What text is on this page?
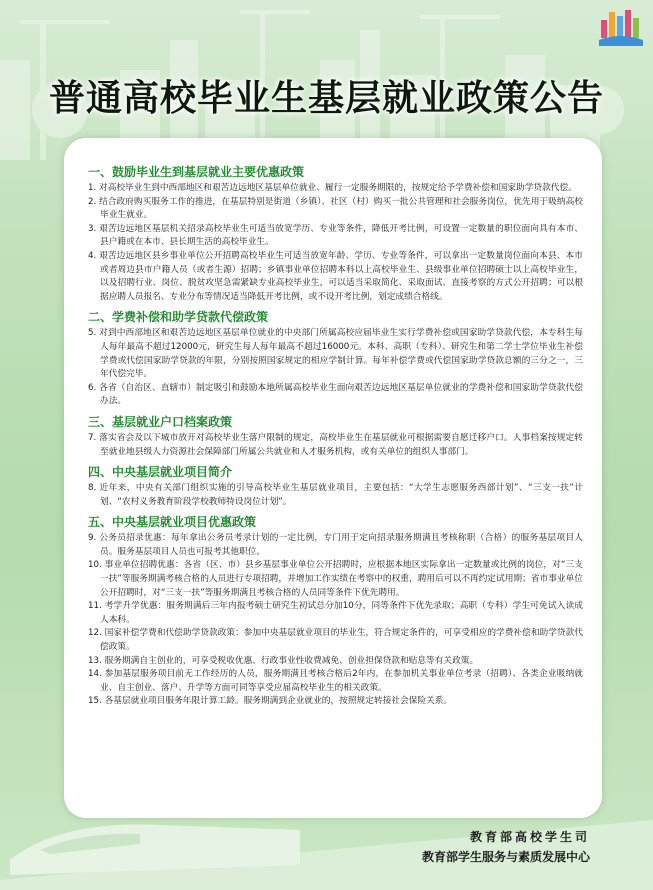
普通高校毕业生基层就业政策公告
一、鼓励毕业生到基层就业主要优惠政策

1. 对高校毕业生到中西部地区和艰苦边远地区基层单位就业、履行一定服务期限的，按规定给予学费补偿和国家助学贷款代偿。

2. 结合政府购买服务工作的推进，在基层特别是街道（乡镇）、社区（村）购买一批公共管理和社会服务岗位，优先用于吸纳高校毕业生就业。

3. 艰苦边远地区基层机关招录高校毕业生可适当放宽学历、专业等条件，降低开考比例，可设置一定数量的职位面向具有本市、县户籍或在本市、县长期生活的高校毕业生。

4. 艰苦边远地区县乡事业单位公开招聘高校毕业生可适当放宽年龄、学历、专业等条件，可以拿出一定数量岗位面向本县、本市或者周边县市户籍人员（或者生源）招聘；乡镇事业单位招聘本科以上高校毕业生、县级事业单位招聘硕士以上高校毕业生，以及招聘行业、岗位、脱贫攻坚急需紧缺专业高校毕业生，可以适当采取简化、采取面试、直接考察的方式公开招聘；可以根据应聘人员报名、专业分布等情况适当降低开考比例，或不设开考比例，划定成绩合格线。

二、学费补偿和助学贷款代偿政策

5. 对到中西部地区和艰苦边远地区基层单位就业的中央部门所属高校应届毕业生实行学费补偿或国家助学贷款代偿，本专科生每人每年最高不超过12000元，研究生每人每年最高不超过16000元。本科、高职（专科）、研究生和第二学士学位毕业生补偿学费或代偿国家助学贷款的年限，分别按照国家规定的相应学制计算。每年补偿学费或代偿国家助学贷款总额的三分之一，三年代偿完毕。

6. 各省（自治区、直辖市）制定吸引和鼓励本地所属高校毕业生面向艰苦边远地区基层单位就业的学费补偿和国家助学贷款代偿办法。

三、基层就业户口档案政策

7. 落实省会及以下城市放开对高校毕业生落户限制的规定，高校毕业生在基层就业可根据需要自愿迁移户口。人事档案按规定转至就业地县级人力资源社会保障部门所属公共就业和人才服务机构，或有关单位的组织人事部门。

四、中央基层就业项目简介

8. 近年来，中央有关部门组织实施的引导高校毕业生基层就业项目，主要包括：“大学生志愿服务西部计划”、“三支一扶”计划、“农村义务教育阶段学校教师特设岗位计划”。

五、中央基层就业项目优惠政策

9. 公务员招录优惠：每年拿出公务员考录计划的一定比例，专门用于定向招录服务期满且考核称职（合格）的服务基层项目人员。服务基层项目人员也可报考其他职位。

10. 事业单位招聘优惠：各省（区、市）县乡基层事业单位公开招聘时，应根据本地区实际拿出一定数量或比例的岗位，对“三支一扶”等服务期满考核合格的人员进行专项招聘，并增加工作实绩在考察中的权重，聘用后可以不再约定试用期；省市事业单位公开招聘时，对“三支一扶”等服务期满且考核合格的人员同等条件下优先聘用。

11. 考学升学优惠：服务期满后三年内报考硕士研究生初试总分加10分，同等条件下优先录取；高职（专科）学生可免试入读成人本科。

12. 国家补偿学费和代偿助学贷款政策：参加中央基层就业项目的毕业生，符合规定条件的，可享受相应的学费补偿和助学贷款代偿政策。

13. 服务期满自主创业的，可享受税收优惠、行政事业性收费减免、创业担保贷款和贴息等有关政策。

14. 参加基层服务项目前无工作经历的人员，服务期满且考核合格后2年内，在参加机关事业单位考录（招聘）、各类企业吸纳就业、自主创业、落户、升学等方面可同等享受应届高校毕业生的相关政策。

15. 各基层就业项目服务年限计算工龄。服务期满到企业就业的，按照规定转接社会保险关系。

教育部高校学生司
教育部学生服务与素质发展中心
